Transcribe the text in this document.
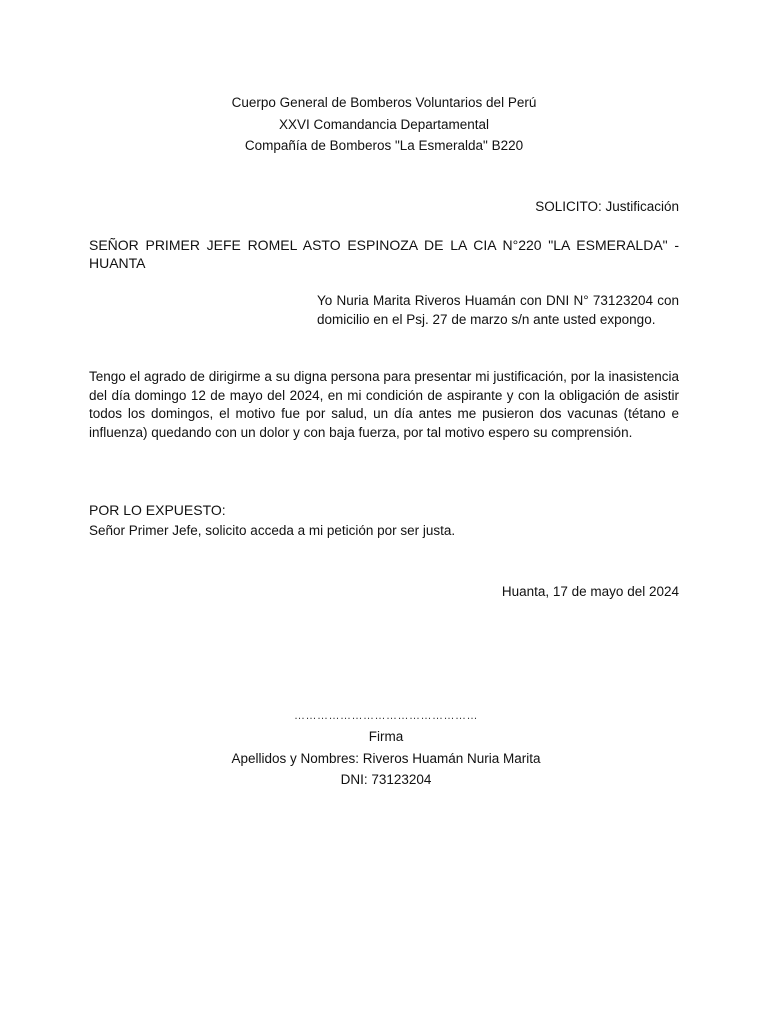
Cuerpo General de Bomberos Voluntarios del Perú
XXVI Comandancia Departamental
Compañía de Bomberos "La Esmeralda" B220
SOLICITO: Justificación
SEÑOR PRIMER JEFE ROMEL ASTO ESPINOZA DE LA CIA N°220 "LA ESMERALDA" - HUANTA
Yo Nuria Marita Riveros Huamán con DNI N° 73123204 con domicilio en el Psj. 27 de marzo s/n ante usted expongo.
Tengo el agrado de dirigirme a su digna persona para presentar mi justificación, por la inasistencia del día domingo 12 de mayo del 2024, en mi condición de aspirante y con la obligación de asistir todos los domingos, el motivo fue por salud, un día antes me pusieron dos vacunas (tétano e influenza) quedando con un dolor y con baja fuerza, por tal motivo espero su comprensión.
POR LO EXPUESTO:
Señor Primer Jefe, solicito acceda a mi petición por ser justa.
Huanta, 17 de mayo del 2024
…………………………………………
Firma
Apellidos y Nombres: Riveros Huamán Nuria Marita
DNI: 73123204
